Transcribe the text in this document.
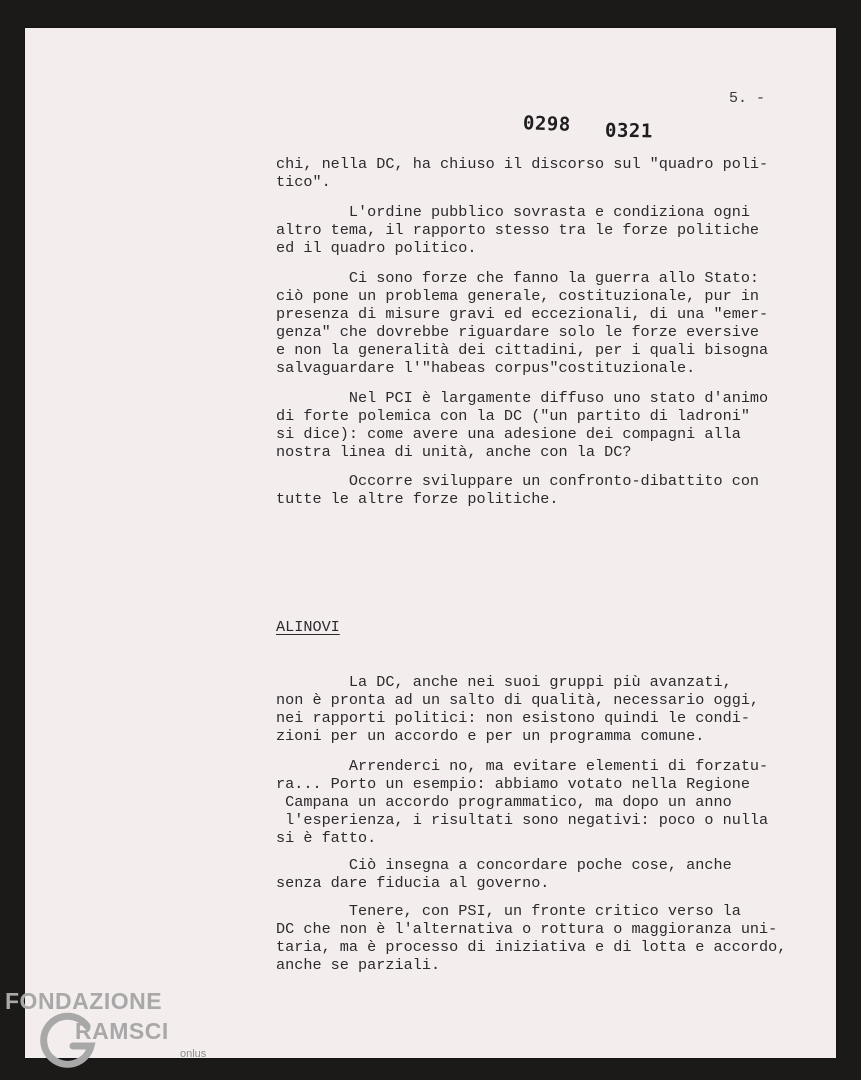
5. -
0298 0321

chi, nella DC, ha chiuso il discorso sul "quadro poli-
tico".

L'ordine pubblico sovrasta e condiziona ogni
altro tema, il rapporto stesso tra le forze politiche
ed il quadro politico.

Ci sono forze che fanno la guerra allo Stato:
ciò pone un problema generale, costituzionale, pur in
presenza di misure gravi ed eccezionali, di una "emer-
genza" che dovrebbe riguardare solo le forze eversive
e non la generalità dei cittadini, per i quali bisogna
salvaguardare l'"habeas corpus"costituzionale.

Nel PCI è largamente diffuso uno stato d'animo
di forte polemica con la DC ("un partito di ladroni"
si dice): come avere una adesione dei compagni alla
nostra linea di unità, anche con la DC?

Occorre sviluppare un confronto-dibattito con
tutte le altre forze politiche.

ALINOVI

La DC, anche nei suoi gruppi più avanzati,
non è pronta ad un salto di qualità, necessario oggi,
nei rapporti politici: non esistono quindi le condi-
zioni per un accordo e per un programma comune.

Arrenderci no, ma evitare elementi di forzatu-
ra... Porto un esempio: abbiamo votato nella Regione
Campana un accordo programmatico, ma dopo un anno
l'esperienza, i risultati sono negativi: poco o nulla
si è fatto.

Ciò insegna a concordare poche cose, anche
senza dare fiducia al governo.

Tenere, con PSI, un fronte critico verso la
DC che non è l'alternativa o rottura o maggioranza uni-
taria, ma è processo di iniziativa e di lotta e accordo,
anche se parziali.

FONDAZIONE

RAMSCI

onlus
